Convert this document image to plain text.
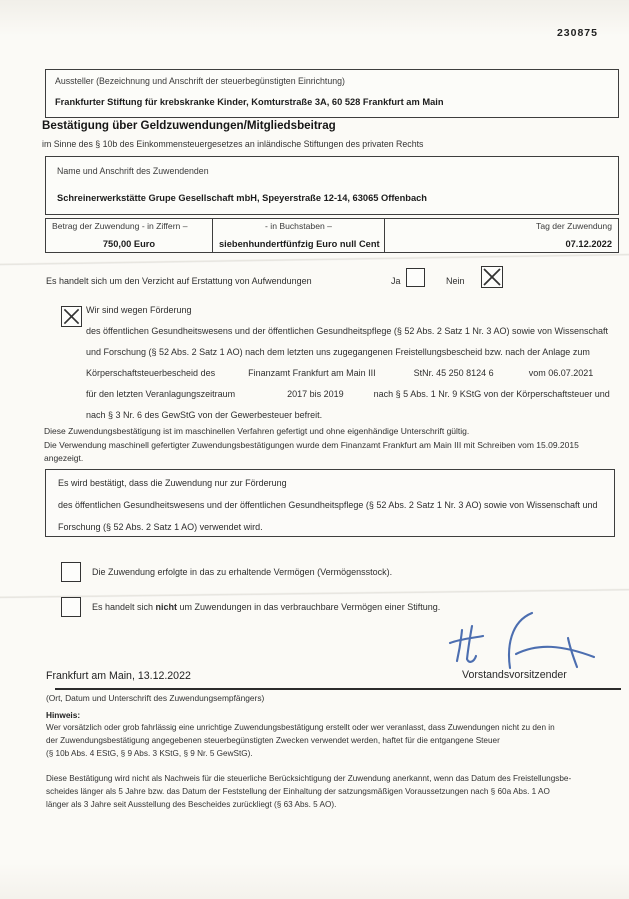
230875
Aussteller (Bezeichnung und Anschrift der steuerbegünstigten Einrichtung)
Frankfurter Stiftung für krebskranke Kinder, Komturstraße 3A, 60 528 Frankfurt am Main
Bestätigung über Geldzuwendungen/Mitgliedsbeitrag
im Sinne des § 10b des Einkommensteuergesetzes an inländische Stiftungen des privaten Rechts
Name und Anschrift des Zuwendenden
Schreinerwerkstätte Grupe Gesellschaft mbH, Speyerstraße 12-14, 63065 Offenbach
Betrag der Zuwendung - in Ziffern –
750,00 Euro
- in Buchstaben –
siebenhundertfünfzig Euro null Cent
Tag der Zuwendung
07.12.2022
Es handelt sich um den Verzicht auf Erstattung von Aufwendungen	Ja	Nein
Wir sind wegen Förderung
des öffentlichen Gesundheitswesens und der öffentlichen Gesundheitspflege (§ 52 Abs. 2 Satz 1 Nr. 3 AO) sowie von Wissenschaft
und Forschung (§ 52 Abs. 2 Satz 1 AO) nach dem letzten uns zugegangenen Freistellungsbescheid bzw. nach der Anlage zum
Körperschaftsteuerbescheid des	Finanzamt Frankfurt am Main III	StNr. 45 250 8124 6	vom 06.07.2021
für den letzten Veranlagungszeitraum	2017 bis 2019	nach § 5 Abs. 1 Nr. 9 KStG von der Körperschaftsteuer und
nach § 3 Nr. 6 des GewStG von der Gewerbesteuer befreit.
Diese Zuwendungsbestätigung ist im maschinellen Verfahren gefertigt und ohne eigenhändige Unterschrift gültig.
Die Verwendung maschinell gefertigter Zuwendungsbestätigungen wurde dem Finanzamt Frankfurt am Main III mit Schreiben vom 15.09.2015
angezeigt.
Es wird bestätigt, dass die Zuwendung nur zur Förderung
des öffentlichen Gesundheitswesens und der öffentlichen Gesundheitspflege (§ 52 Abs. 2 Satz 1 Nr. 3 AO) sowie von Wissenschaft und
Forschung (§ 52 Abs. 2 Satz 1 AO) verwendet wird.
Die Zuwendung erfolgte in das zu erhaltende Vermögen (Vermögensstock).
Es handelt sich nicht um Zuwendungen in das verbrauchbare Vermögen einer Stiftung.
Vorstandsvorsitzender
Frankfurt am Main, 13.12.2022
(Ort, Datum und Unterschrift des Zuwendungsempfängers)
Hinweis:
Wer vorsätzlich oder grob fahrlässig eine unrichtige Zuwendungsbestätigung erstellt oder wer veranlasst, dass Zuwendungen nicht zu den in
der Zuwendungsbestätigung angegebenen steuerbegünstigten Zwecken verwendet werden, haftet für die entgangene Steuer
(§ 10b Abs. 4 EStG, § 9 Abs. 3 KStG, § 9 Nr. 5 GewStG).
Diese Bestätigung wird nicht als Nachweis für die steuerliche Berücksichtigung der Zuwendung anerkannt, wenn das Datum des Freistellungsbe-
scheides länger als 5 Jahre bzw. das Datum der Feststellung der Einhaltung der satzungsmäßigen Voraussetzungen nach § 60a Abs. 1 AO
länger als 3 Jahre seit Ausstellung des Bescheides zurückliegt (§ 63 Abs. 5 AO).
